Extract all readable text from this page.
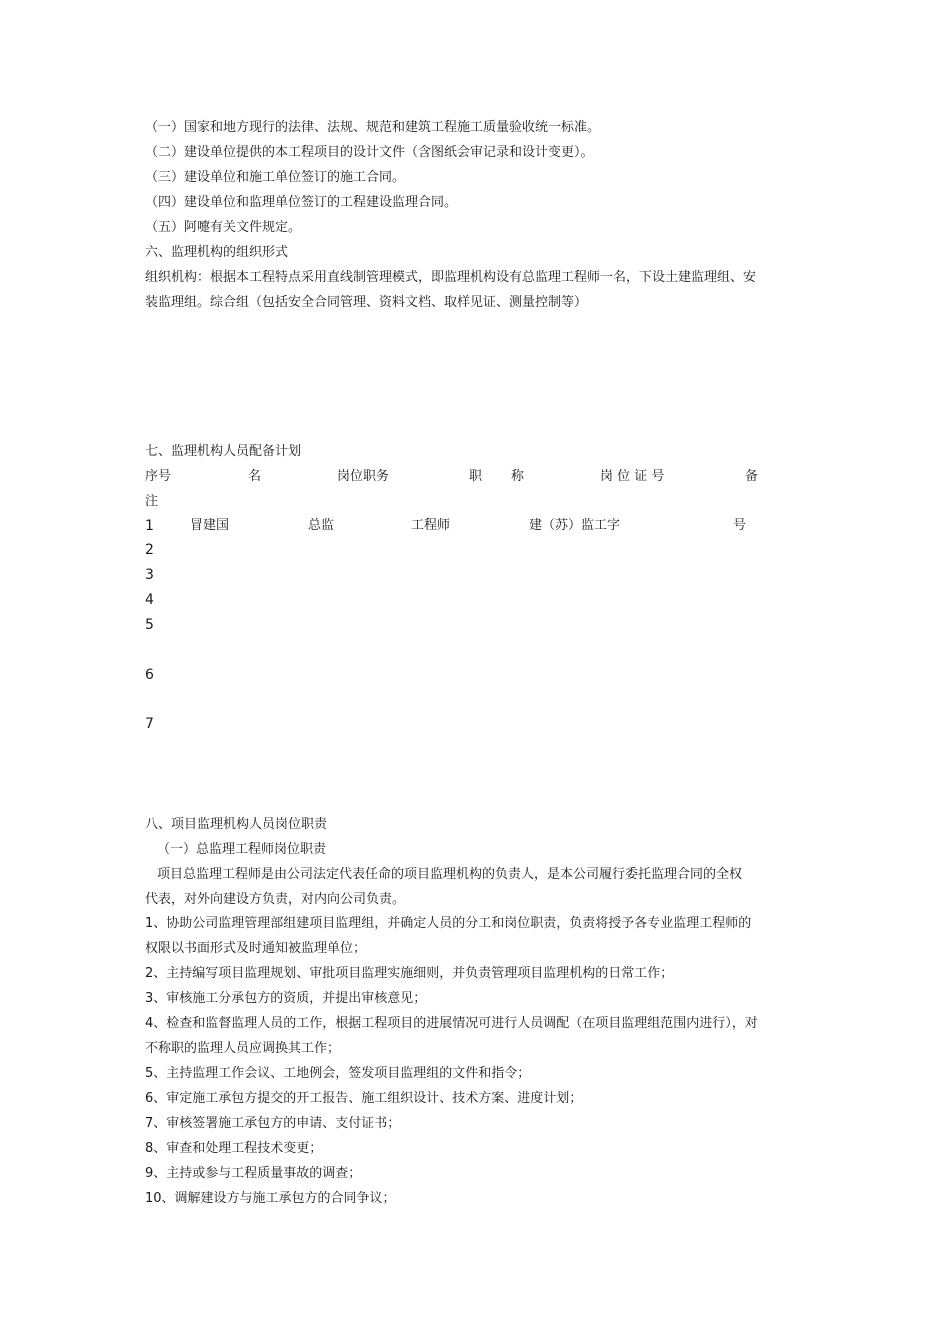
（一）国家和地方现行的法律、法规、规范和建筑工程施工质量验收统一标准。
（二）建设单位提供的本工程项目的设计文件（含图纸会审记录和设计变更）。
（三）建设单位和施工单位签订的施工合同。
（四）建设单位和监理单位签订的工程建设监理合同。
（五）阿嚏有关文件规定。
六、监理机构的组织形式
组织机构：根据本工程特点采用直线制管理模式，即监理机构设有总监理工程师一名，下设土建监理组、安
装监理组。综合组（包括安全合同管理、资料文档、取样见证、测量控制等）
七、监理机构人员配备计划
序号	名	岗位职务	职 称	岗 位 证 号	备
注
1	冒建国	总监	工程师	建（苏）监工字	号
2
3
4
5
6
7
八、项目监理机构人员岗位职责
（一）总监理工程师岗位职责
项目总监理工程师是由公司法定代表任命的项目监理机构的负责人，是本公司履行委托监理合同的全权
代表，对外向建设方负责，对内向公司负责。
1、协助公司监理管理部组建项目监理组，并确定人员的分工和岗位职责，负责将授予各专业监理工程师的
权限以书面形式及时通知被监理单位；
2、主持编写项目监理规划、审批项目监理实施细则，并负责管理项目监理机构的日常工作；
3、审核施工分承包方的资质，并提出审核意见；
4、检查和监督监理人员的工作，根据工程项目的进展情况可进行人员调配（在项目监理组范围内进行），对
不称职的监理人员应调换其工作；
5、主持监理工作会议、工地例会，签发项目监理组的文件和指令；
6、审定施工承包方提交的开工报告、施工组织设计、技术方案、进度计划；
7、审核签署施工承包方的申请、支付证书；
8、审查和处理工程技术变更；
9、主持或参与工程质量事故的调查；
10、调解建设方与施工承包方的合同争议；
